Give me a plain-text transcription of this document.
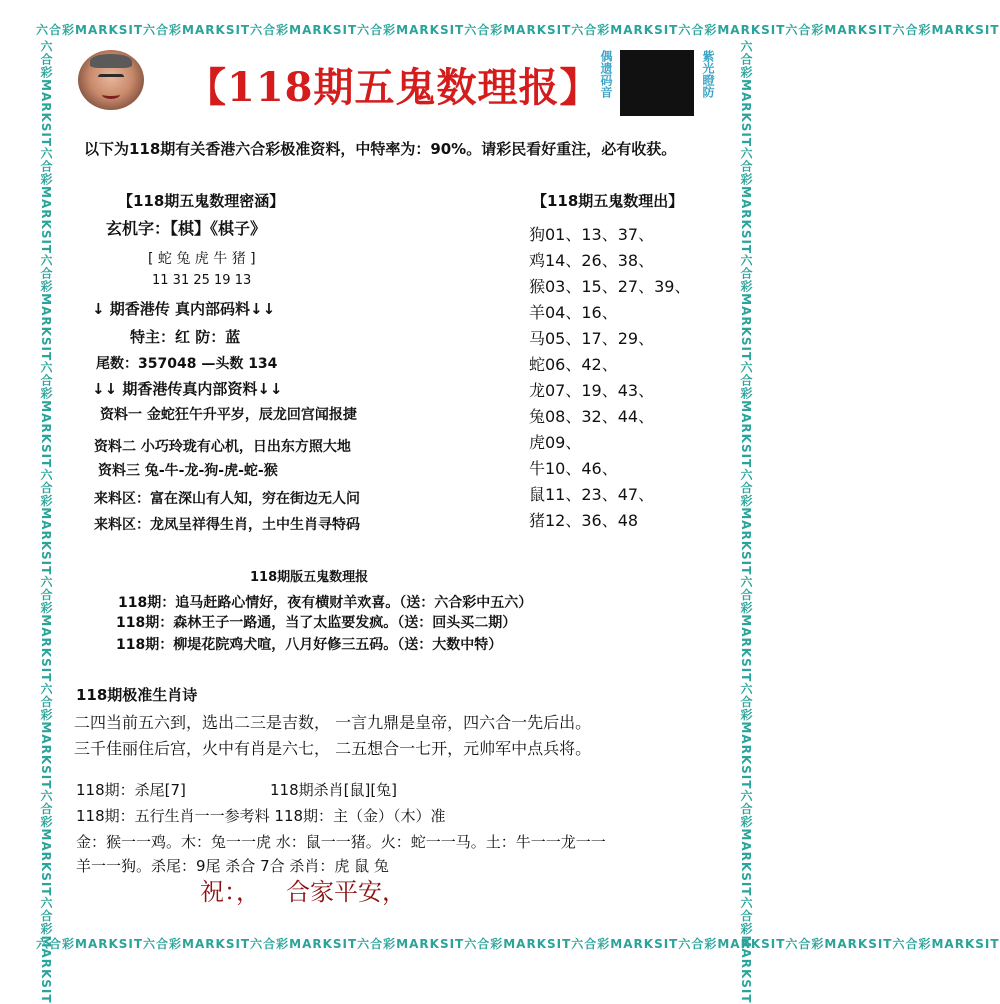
六合彩MARKSIT六合彩MARKSIT六合彩MARKSIT六合彩MARKSIT六合彩MARKSIT六合彩MARKSIT六合彩MARKSIT六合彩MARKSIT六合彩MARKSIT
六合彩MARKSIT六合彩MARKSIT六合彩MARKSIT六合彩MARKSIT六合彩MARKSIT六合彩MARKSIT六合彩MARKSIT六合彩MARKSIT六合彩MARKSIT
六合彩MARKSIT六合彩MARKSIT六合彩MARKSIT六合彩MARKSIT六合彩MARKSIT六合彩MARKSIT六合彩MARKSIT六合彩MARKSIT六合彩MARKSIT	六合彩MARKSIT六合彩MARKSIT六合彩MARKSIT六合彩MARKSIT六合彩MARKSIT六合彩MARKSIT六合彩MARKSIT六合彩MARKSIT六合彩MARKSIT
【118期五鬼数理报】
偶遗码音	紫光瞪防
以下为118期有关香港六合彩极准资料，中特率为：90%。请彩民看好重注，必有收获。
【118期五鬼数理密涵】
玄机字：【棋】《棋子》
[ 蛇 兔 虎 牛 猪 ]
11 31 25 19 13
↓ 期香港传 真内部码料↓↓
特主：红 防：蓝
尾数：357048 —头数 134
↓↓ 期香港传真内部资料↓↓
资料一 金蛇狂午升平岁，辰龙回宫闻报捷
资料二 小巧玲珑有心机，日出东方照大地
资料三 兔-牛-龙-狗-虎-蛇-猴
来料区：富在深山有人知，穷在街边无人问
来料区：龙凤呈祥得生肖，土中生肖寻特码
【118期五鬼数理出】
狗01、13、37、
鸡14、26、38、
猴03、15、27、39、
羊04、16、
马05、17、29、
蛇06、42、
龙07、19、43、
兔08、32、44、
虎09、
牛10、46、
鼠11、23、47、
猪12、36、48
118期版五鬼数理报
118期：追马赶路心情好，夜有横财羊欢喜。（送：六合彩中五六）
118期：森林王子一路通，当了太监要发疯。（送：回头买二期）
118期：柳堤花院鸡犬喧，八月好修三五码。（送：大数中特）
118期极准生肖诗
二四当前五六到，选出二三是吉数， 一言九鼎是皇帝，四六合一先后出。
三千佳丽住后宫，火中有肖是六七， 二五想合一七开，元帅军中点兵将。
118期：杀尾[7]	118期杀肖[鼠][兔]
118期：五行生肖一一参考料 118期：主（金）（木）准
金：猴一一鸡。木：兔一一虎 水：鼠一一猪。火：蛇一一马。土：牛一一龙一一
羊一一狗。杀尾：9尾 杀合 7合 杀肖：虎 鼠 兔
祝：， 合家平安，
